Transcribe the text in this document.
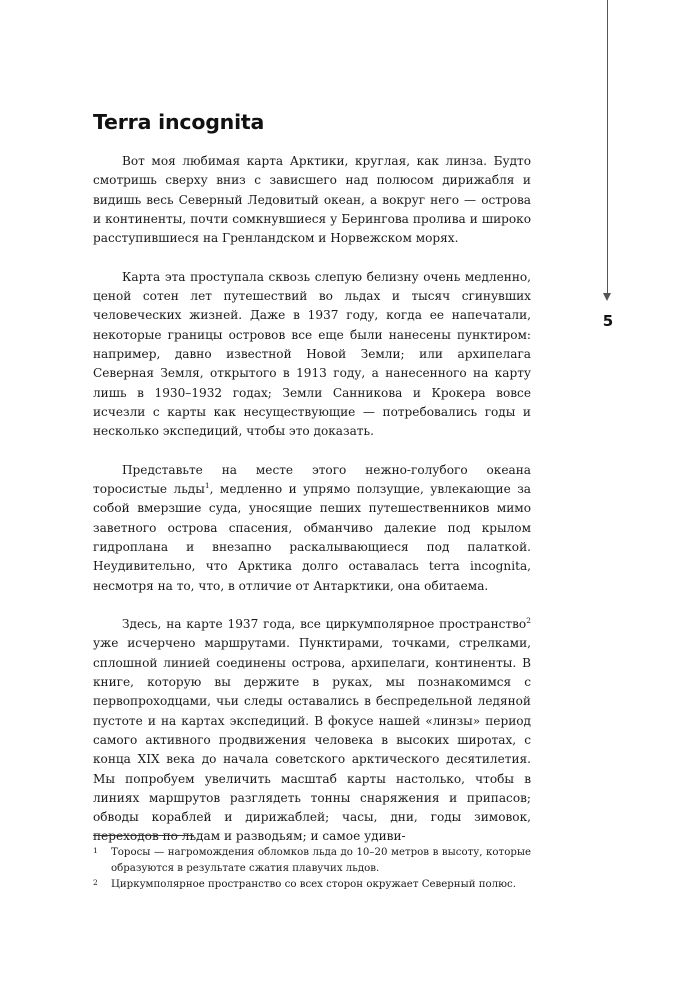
5
Terra incognita

Вот моя любимая карта Арктики, круглая, как линза. Будто смотришь сверху вниз с зависшего над полюсом дирижабля и видишь весь Северный Ледовитый океан, а вокруг него — острова и континенты, почти сомкнувшиеся у Берингова пролива и широко расступившиеся на Гренландском и Норвежском морях.

Карта эта проступала сквозь слепую белизну очень медленно, ценой сотен лет путешествий во льдах и тысяч сгинувших человеческих жизней. Даже в 1937 году, когда ее напечатали, некоторые границы островов все еще были нанесены пунктиром: например, давно известной Новой Земли; или архипелага Северная Земля, открытого в 1913 году, а нанесенного на карту лишь в 1930–1932 годах; Земли Санникова и Крокера вовсе исчезли с карты как несуществующие — потребовались годы и несколько экспедиций, чтобы это доказать.

Представьте на месте этого нежно-голубого океана торосистые льды$^1$, медленно и упрямо ползущие, увлекающие за собой вмерзшие суда, уносящие пеших путешественников мимо заветного острова спасения, обманчиво далекие под крылом гидроплана и внезапно раскалывающиеся под палаткой. Неудивительно, что Арктика долго оставалась terra incognita, несмотря на то, что, в отличие от Антарктики, она обитаема.

Здесь, на карте 1937 года, все циркумполярное пространство$^2$ уже исчерчено маршрутами. Пунктирами, точками, стрелками, сплошной линией соединены острова, архипелаги, континенты. В книге, которую вы держите в руках, мы познакомимся с первопроходцами, чьи следы оставались в беспредельной ледяной пустоте и на картах экспедиций. В фокусе нашей «линзы» период самого активного продвижения человека в высоких широтах, с конца XIX века до начала советского арктического десятилетия. Мы попробуем увеличить масштаб карты настолько, чтобы в линиях маршрутов разглядеть тонны снаряжения и припасов; обводы кораблей и дирижаблей; часы, дни, годы зимовок, переходов по льдам и разводьям; и самое удиви-

1 Торосы — нагромождения обломков льда до 10–20 метров в высоту, которые образуются в результате сжатия плавучих льдов.
2 Циркумполярное пространство со всех сторон окружает Северный полюс.
